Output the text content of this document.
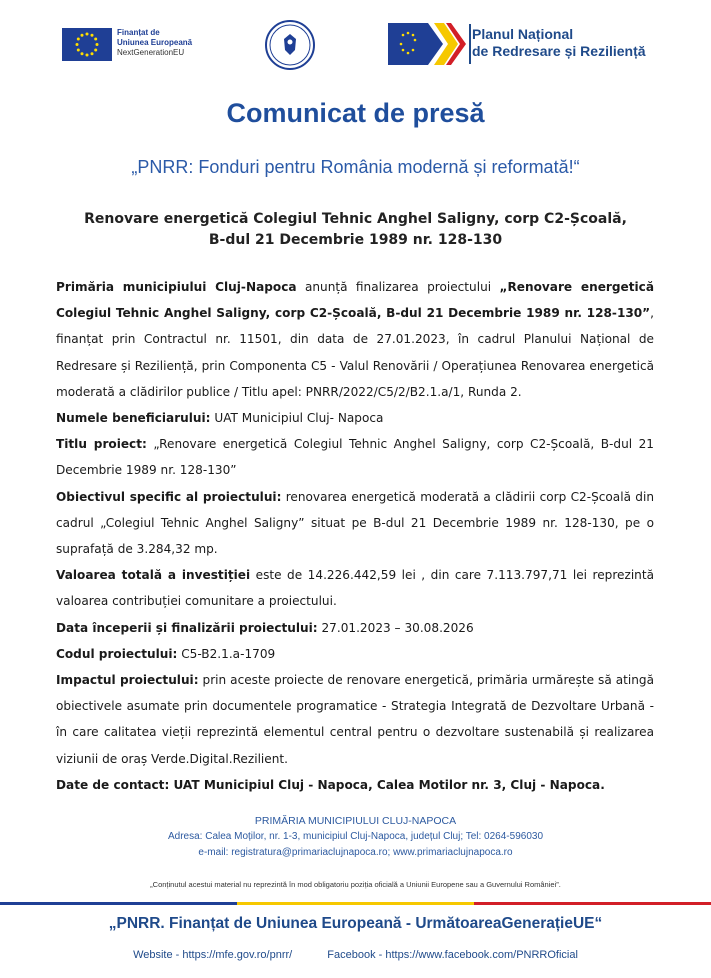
Finanțat de
Uniunea Europeană
NextGenerationEU
Planul Național
de Redresare și Reziliență
Comunicat de presă
„PNRR: Fonduri pentru România modernă și reformată!“
Renovare energetică Colegiul Tehnic Anghel Saligny, corp C2-Școală,
B-dul 21 Decembrie 1989 nr. 128-130

Primăria municipiului Cluj-Napoca anunță finalizarea proiectului „Renovare energetică Colegiul Tehnic Anghel Saligny, corp C2-Școală, B-dul 21 Decembrie 1989 nr. 128-130”, finanțat prin Contractul nr. 11501, din data de 27.01.2023, în cadrul Planului Național de Redresare și Reziliență, prin Componenta C5 - Valul Renovării / Operațiunea Renovarea energetică moderată a clădirilor publice / Titlu apel: PNRR/2022/C5/2/B2.1.a/1, Runda 2.

Numele beneficiarului: UAT Municipiul Cluj- Napoca

Titlu proiect: „Renovare energetică Colegiul Tehnic Anghel Saligny, corp C2-Școală, B-dul 21 Decembrie 1989 nr. 128-130”

Obiectivul specific al proiectului: renovarea energetică moderată a clădirii corp C2-Școală din cadrul „Colegiul Tehnic Anghel Saligny” situat pe B-dul 21 Decembrie 1989 nr. 128-130, pe o suprafață de 3.284,32 mp.

Valoarea totală a investiției este de 14.226.442,59 lei , din care 7.113.797,71 lei reprezintă valoarea contribuției comunitare a proiectului.

Data începerii și finalizării proiectului: 27.01.2023 – 30.08.2026

Codul proiectului: C5-B2.1.a-1709

Impactul proiectului: prin aceste proiecte de renovare energetică, primăria urmărește să atingă obiectivele asumate prin documentele programatice - Strategia Integrată de Dezvoltare Urbană - în care calitatea vieții reprezintă elementul central pentru o dezvoltare sustenabilă și realizarea viziunii de oraș Verde.Digital.Rezilient.

Date de contact: UAT Municipiul Cluj - Napoca, Calea Motilor nr. 3, Cluj - Napoca.

PRIMĂRIA MUNICIPIULUI CLUJ-NAPOCA
Adresa: Calea Moților, nr. 1-3, municipiul Cluj-Napoca, județul Cluj; Tel: 0264-596030
e-mail: registratura@primariaclujnapoca.ro; www.primariaclujnapoca.ro
„Conținutul acestui material nu reprezintă în mod obligatoriu poziția oficială a Uniunii Europene sau a Guvernului României”.
„PNRR. Finanțat de Uniunea Europeană - UrmătoareaGenerațieUE“
Website - https://mfe.gov.ro/pnrr/	Facebook - https://www.facebook.com/PNRROficial
